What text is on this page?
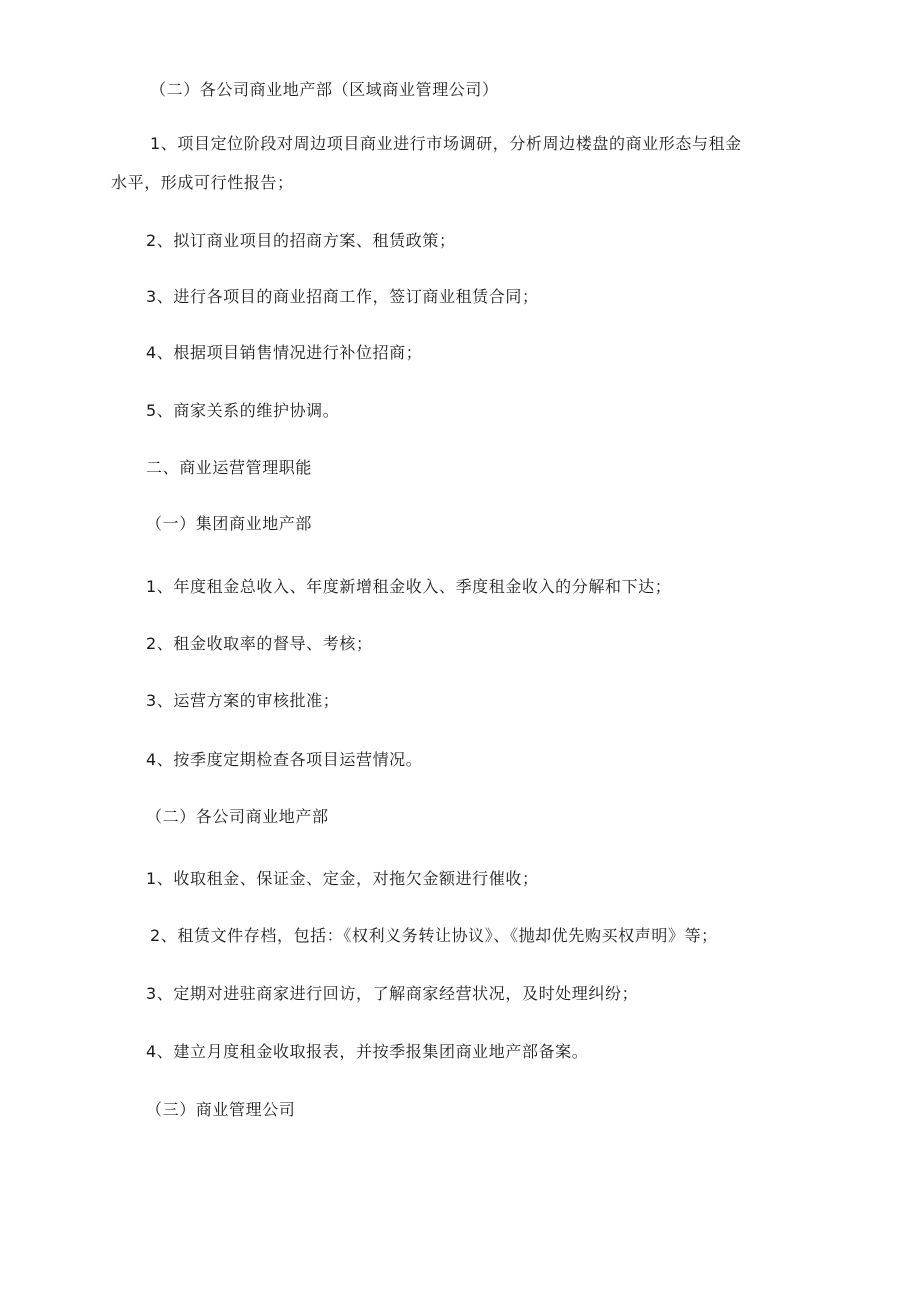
（二）各公司商业地产部（区域商业管理公司）
1、项目定位阶段对周边项目商业进行市场调研，分析周边楼盘的商业形态与租金
水平，形成可行性报告；
2、拟订商业项目的招商方案、租赁政策；
3、进行各项目的商业招商工作，签订商业租赁合同；
4、根据项目销售情况进行补位招商；
5、商家关系的维护协调。
二、商业运营管理职能
（一）集团商业地产部
1、年度租金总收入、年度新增租金收入、季度租金收入的分解和下达；
2、租金收取率的督导、考核；
3、运营方案的审核批准；
4、按季度定期检查各项目运营情况。
（二）各公司商业地产部
1、收取租金、保证金、定金，对拖欠金额进行催收；
2、租赁文件存档，包括：《权利义务转让协议》、《抛却优先购买权声明》等；
3、定期对进驻商家进行回访，了解商家经营状况，及时处理纠纷；
4、建立月度租金收取报表，并按季报集团商业地产部备案。
（三）商业管理公司
